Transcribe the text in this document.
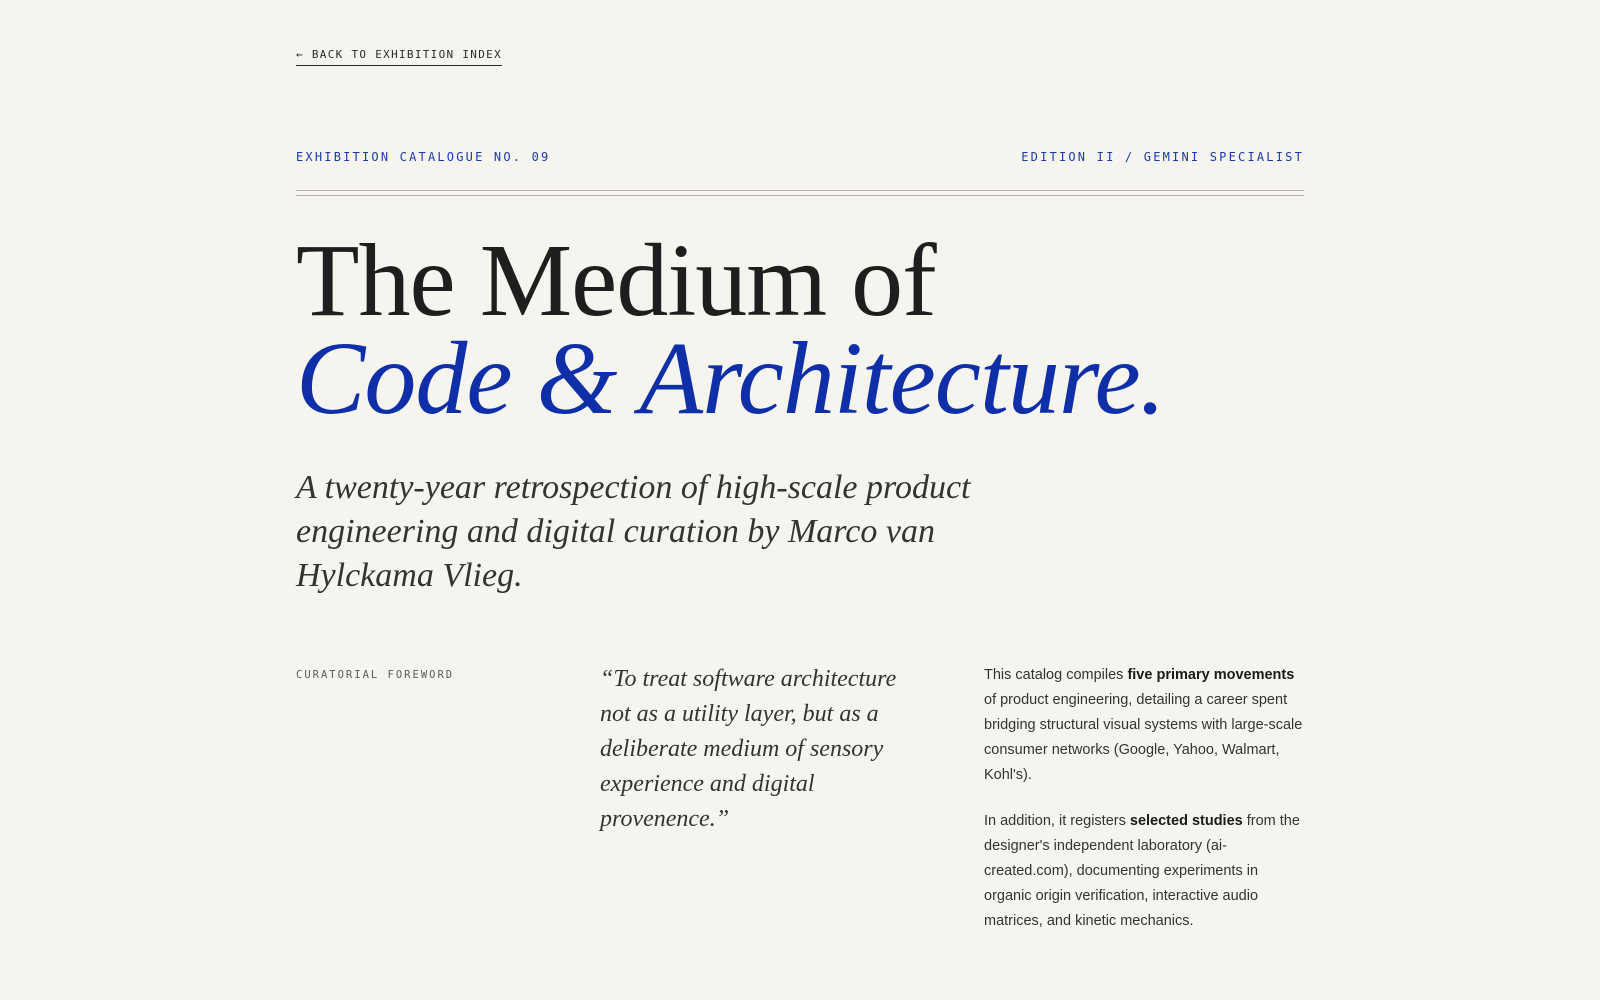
← BACK TO EXHIBITION INDEX
EXHIBITION CATALOGUE NO. 09	EDITION II / GEMINI SPECIALIST
The Medium of
Code & Architecture.

A twenty-year retrospection of high-scale product engineering and digital curation by Marco van Hylckama Vlieg.

CURATORIAL FOREWORD	“To treat software architecture not as a utility layer, but as a deliberate medium of sensory experience and digital provenence.”

This catalog compiles five primary movements of product engineering, detailing a career spent bridging structural visual systems with large-scale consumer networks (Google, Yahoo, Walmart, Kohl's).

In addition, it registers selected studies from the designer's independent laboratory (ai-created.com), documenting experiments in organic origin verification, interactive audio matrices, and kinetic mechanics.
